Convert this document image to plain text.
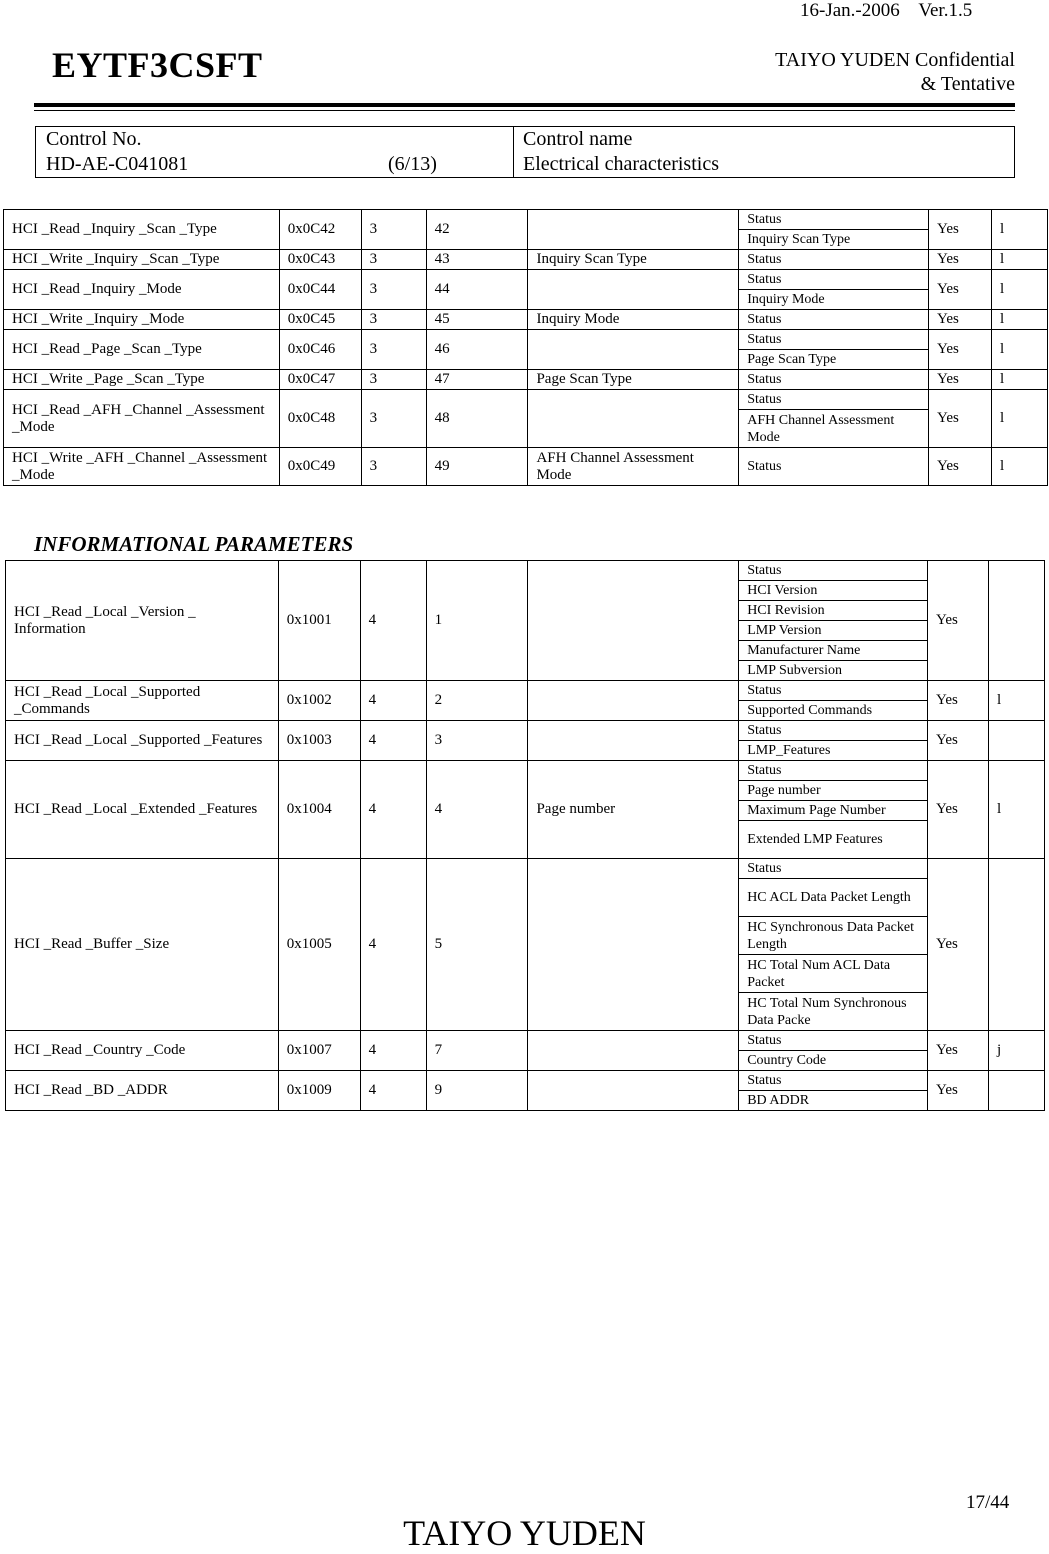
16-Jan.-2006    Ver.1.5
EYTF3CSFT	TAIYO YUDEN Confidential
& Tentative
Control No.
HD-AE-C041081	(6/13)
Control name
Electrical characteristics
HCI _Read _Inquiry _Scan _Type	0x0C42	3	42		Status	Yes	l
					Inquiry Scan Type		
HCI _Write _Inquiry _Scan _Type	0x0C43	3	43	Inquiry Scan Type	Status	Yes	l
HCI _Read _Inquiry _Mode	0x0C44	3	44		Status	Yes	l
					Inquiry Mode		
HCI _Write _Inquiry _Mode	0x0C45	3	45	Inquiry Mode	Status	Yes	l
HCI _Read _Page _Scan _Type	0x0C46	3	46		Status	Yes	l
					Page Scan Type		
HCI _Write _Page _Scan _Type	0x0C47	3	47	Page Scan Type	Status	Yes	l
HCI _Read _AFH _Channel _Assessment _Mode	0x0C48	3	48		Status	Yes	l
					AFH Channel Assessment Mode		
HCI _Write _AFH _Channel _Assessment _Mode	0x0C49	3	49	AFH Channel Assessment Mode	Status	Yes	l
INFORMATIONAL PARAMETERS
HCI _Read _Local _Version _ Information	0x1001	4	1		Status	Yes	
					HCI Version		
					HCI Revision		
					LMP Version		
					Manufacturer Name		
					LMP Subversion		
HCI _Read _Local _Supported _Commands	0x1002	4	2		Status	Yes	l
					Supported Commands		
HCI _Read _Local _Supported _Features	0x1003	4	3		Status	Yes	
					LMP_Features		
HCI _Read _Local _Extended _Features	0x1004	4	4	Page number	Status	Yes	l
					Page number		
					Maximum Page Number		
					Extended LMP Features		
HCI _Read _Buffer _Size	0x1005	4	5		Status	Yes	
					HC ACL Data Packet Length		
					HC Synchronous Data Packet Length		
					HC Total Num ACL Data Packet		
					HC Total Num Synchronous Data Packe		
HCI _Read _Country _Code	0x1007	4	7		Status	Yes	j
					Country Code		
HCI _Read _BD _ADDR	0x1009	4	9		Status	Yes	
					BD ADDR		
17/44
TAIYO YUDEN
